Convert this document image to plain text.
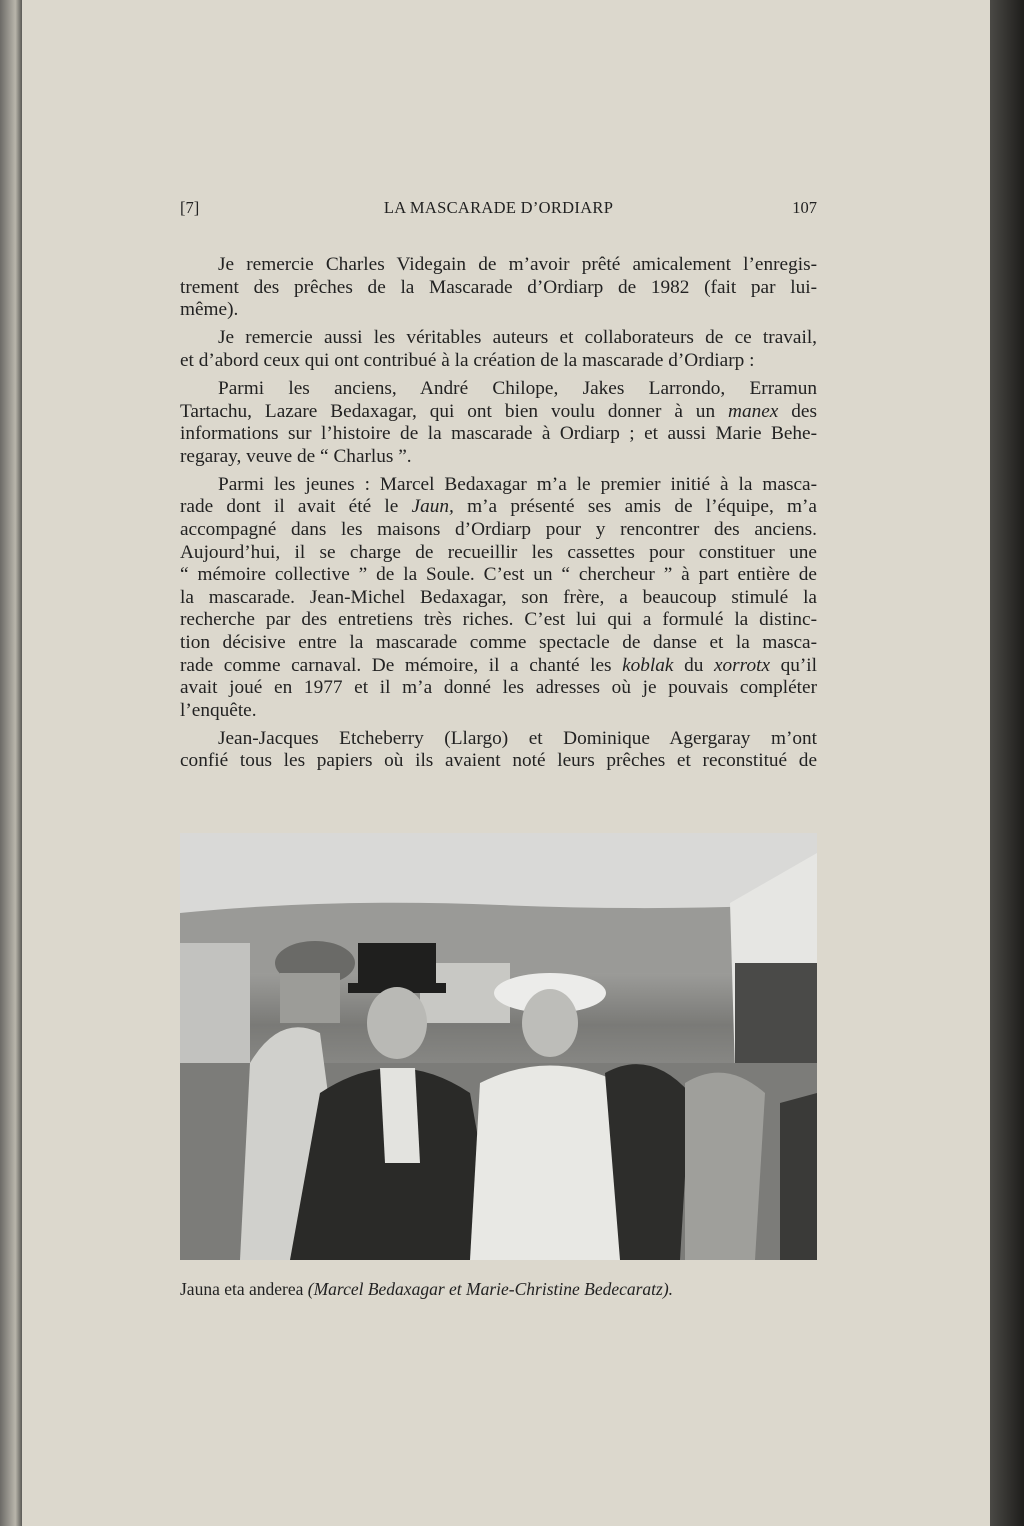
[7]	LA MASCARADE D’ORDIARP	107
Je remercie Charles Videgain de m’avoir prêté amicalement l’enregis-
trement des prêches de la Mascarade d’Ordiarp de 1982 (fait par lui-
même).
Je remercie aussi les véritables auteurs et collaborateurs de ce travail,
et d’abord ceux qui ont contribué à la création de la mascarade d’Ordiarp :
Parmi les anciens, André Chilope, Jakes Larrondo, Erramun
Tartachu, Lazare Bedaxagar, qui ont bien voulu donner à un manex des
informations sur l’histoire de la mascarade à Ordiarp ; et aussi Marie Behe-
regaray, veuve de “ Charlus ”.
Parmi les jeunes : Marcel Bedaxagar m’a le premier initié à la masca-
rade dont il avait été le Jaun, m’a présenté ses amis de l’équipe, m’a
accompagné dans les maisons d’Ordiarp pour y rencontrer des anciens.
Aujourd’hui, il se charge de recueillir les cassettes pour constituer une
“ mémoire collective ” de la Soule. C’est un “ chercheur ” à part entière de
la mascarade. Jean-Michel Bedaxagar, son frère, a beaucoup stimulé la
recherche par des entretiens très riches. C’est lui qui a formulé la distinc-
tion décisive entre la mascarade comme spectacle de danse et la masca-
rade comme carnaval. De mémoire, il a chanté les koblak du xorrotx qu’il
avait joué en 1977 et il m’a donné les adresses où je pouvais compléter
l’enquête.
Jean-Jacques Etcheberry (Llargo) et Dominique Agergaray m’ont
confié tous les papiers où ils avaient noté leurs prêches et reconstitué de
Jauna eta anderea (Marcel Bedaxagar et Marie-Christine Bedecaratz).
